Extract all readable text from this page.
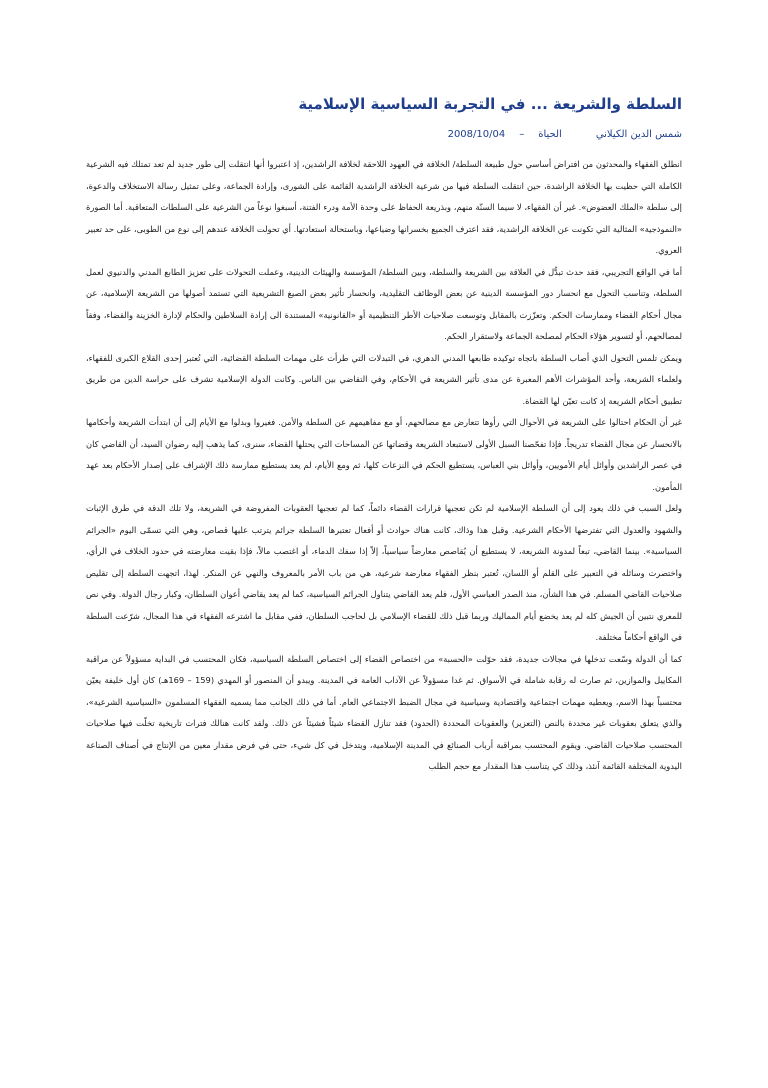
السلطة والشريعة ... في التجربة السياسية الإسلامية
شمس الدين الكيلانيالحياة–2008/10/04

انطلق الفقهاء والمحدثون من افتراض أساسي حول طبيعة السلطة/ الخلافة في العهود اللاحقة لخلافة الراشدين، إذ اعتبروا أنها انتقلت إلى طور جديد لم تعد تمتلك فيه الشرعية الكاملة التي حظيت بها الخلافة الراشدة، حين انتقلت السلطة فيها من شرعية الخلافة الراشدية القائمة على الشورى، وإرادة الجماعة، وعلى تمثيل رسالة الاستخلاف والدعوة، إلى سلطة «الملك العضوض». غير أن الفقهاء، لا سيما السنّة منهم، وبذريعة الحفاظ على وحدة الأمة ودرء الفتنة، أسبغوا نوعاً من الشرعية على السلطات المتعاقبة. أما الصورة «النموذجية» المثالية التي تكونت عن الخلافة الراشدية، فقد اعترف الجميع بخسرانها وضياعها، وباستحالة استعادتها. أي تحولت الخلافة عندهم إلى نوع من الطوبى، على حد تعبير العروي.

أما في الواقع التجريبي، فقد حدث تبدُّل في العلاقة بين الشريعة والسلطة، وبين السلطة/ المؤسسة والهيئات الدينية، وعملت التحولات على تعزيز الطابع المدني والدنيوي لعمل السلطة، وتناسب التحول مع انحسار دور المؤسسة الدينية عن بعض الوظائف التقليدية، وانحسار تأثير بعض الصيغ التشريعية التي تستمد أصولها من الشريعة الإسلامية، عن مجال أحكام القضاء وممارسات الحكم. وتعزّزت بالمقابل وتوسعت صلاحيات الأطر التنظيمية أو «القانونية» المستندة الى إرادة السلاطين والحكام لإدارة الخزينة والقضاء، وفقاً لمصالحهم، أو لتسوير هؤلاء الحكام لمصلحة الجماعة ولاستقرار الحكم.

ويمكن تلمس التحول الذي أصاب السلطة باتجاه توكيده طابعها المدني الدهري، في التبدلات التي طرأت على مهمات السلطة القضائية، التي تُعتبر إحدى القلاع الكبرى للفقهاء، ولعلماء الشريعة، وأحد المؤشرات الأهم المعبرة عن مدى تأثير الشريعة في الأحكام، وفي التقاضي بين الناس. وكانت الدولة الإسلامية تشرف على حراسة الدين من طريق تطبيق أحكام الشريعة إذ كانت تعيّن لها القضاة.

غير أن الحكام احتالوا على الشريعة في الأحوال التي رأوها تتعارض مع مصالحهم، أو مع مفاهيمهم عن السلطة والأمن. فغيروا وبدلوا مع الأيام إلى أن ابتدأت الشريعة وأحكامها بالانحسار عن مجال القضاء تدريجاً. فإذا تفحّصنا السبل الأولى لاستبعاد الشريعة وقضاتها عن المساحات التي يحتلها القضاء، سنرى، كما يذهب إليه رضوان السيد، أن القاضي كان في عصر الراشدين وأوائل أيام الأمويين، وأوائل بني العباس، يستطيع الحكم في النزعات كلها، ثم ومع الأيام، لم يعد يستطيع ممارسة ذلك الإشراف على إصدار الأحكام بعد عهد المأمون.

ولعل السبب في ذلك يعود إلى أن السلطة الإسلامية لم تكن تعجبها قرارات القضاء دائماً، كما لم تعجبها العقوبات المفروضة في الشريعة، ولا تلك الدقة في طرق الإثبات والشهود والعدول التي تفترضها الأحكام الشرعية. وقبل هذا وذاك، كانت هناك حوادث أو أفعال تعتبرها السلطة جرائم يترتب عليها قصاص، وهي التي تسمّى اليوم «الجرائم السياسية». بينما القاضي، تبعاً لمدونة الشريعة، لا يستطيع أن يُقاصص معارضاً سياسياً، إلاّ إذا سفك الدماء، أو اغتصب مالاً، فإذا بقيت معارضته في حدود الخلاف في الرأي، واختصرت وسائله في التعبير على القلم أو اللسان، تُعتبر بنظر الفقهاء معارضة شرعية، هي من باب الأمر بالمعروف والنهي عن المنكر. لهذا، اتجهت السلطة إلى تقليص صلاحيات القاضي المسلم. في هذا الشأن، منذ الصدر العباسي الأول، فلم يعد القاضي يتناول الجرائم السياسية، كما لم يعد يقاضي أعوان السلطان، وكبار رجال الدولة. وفي نص للمعري نتبين أن الجيش كله لم يعد يخضع أيام المماليك وربما قبل ذلك للقضاء الإسلامي بل لحاجب السلطان، ففي مقابل ما اشترعه الفقهاء في هذا المجال، شرّعت السلطة في الواقع أحكاماً مختلفة.

كما أن الدولة وسّعت تدخلها في مجالات جديدة، فقد حوّلت «الحسبة» من اختصاص القضاء إلى اختصاص السلطة السياسية، فكان المحتسب في البداية مسؤولاً عن مراقبة المكاييل والموازين، ثم صارت له رقابة شاملة في الأسواق. ثم غدا مسؤولاً عن الآداب العامة في المدينة. ويبدو أن المنصور أو المهدي (159 – 169هـ) كان أول خليفة يعيّن محتسباً بهذا الاسم، ويعطيه مهمات اجتماعية واقتصادية وسياسية في مجال الضبط الاجتماعي العام. أما في ذلك الجانب مما يسميه الفقهاء المسلمون «السياسية الشرعية»، والذي يتعلق بعقوبات غير محددة بالنص (التعزير) والعقوبات المحددة (الحدود) فقد تنازل القضاء شيئاً فشيئاً عن ذلك. ولقد كانت هنالك فترات تاريخية تخلّت فيها صلاحيات المحتسب صلاحيات القاضي. ويقوم المحتسب بمراقبة أرباب الصنائع في المدينة الإسلامية، ويتدخل في كل شيء، حتى في فرض مقدار معين من الإنتاج في أصناف الصناعة اليدوية المختلفة القائمة آنئذ، وذلك كي يتناسب هذا المقدار مع حجم الطلب
